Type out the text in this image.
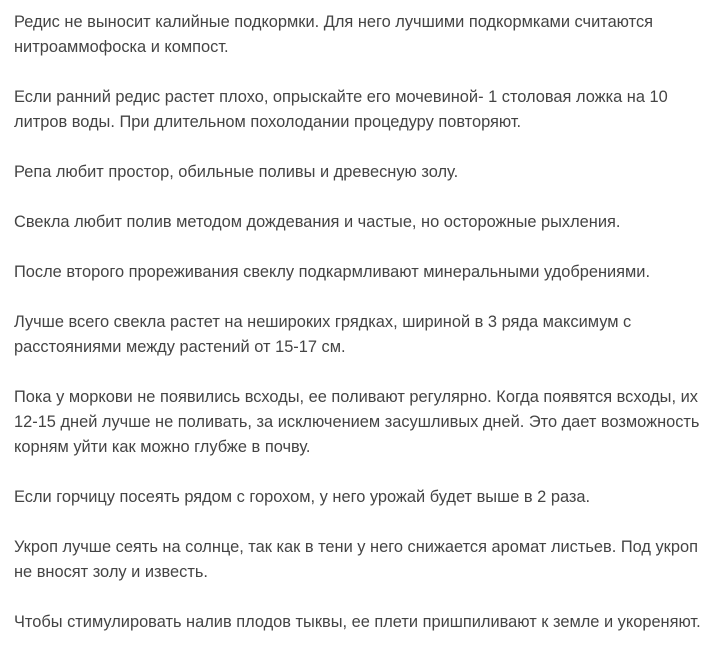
Редис не выносит калийные подкормки. Для него лучшими подкормками считаются
нитроаммофоска и компост.

Если ранний редис растет плохо, опрыскайте его мочевиной- 1 столовая ложка на 10
литров воды. При длительном похолодании процедуру повторяют.

Репа любит простор, обильные поливы и древесную золу.

Свекла любит полив методом дождевания и частые, но осторожные рыхления.

После второго прореживания свеклу подкармливают минеральными удобрениями.

Лучше всего свекла растет на нешироких грядках, шириной в 3 ряда максимум с
расстояниями между растений от 15-17 см.

Пока у моркови не появились всходы, ее поливают регулярно. Когда появятся всходы, их
12-15 дней лучше не поливать, за исключением засушливых дней. Это дает возможность
корням уйти как можно глубже в почву.

Если горчицу посеять рядом с горохом, у него урожай будет выше в 2 раза.

Укроп лучше сеять на солнце, так как в тени у него снижается аромат листьев. Под укроп
не вносят золу и известь.

Чтобы стимулировать налив плодов тыквы, ее плети пришпиливают к земле и укореняют.
